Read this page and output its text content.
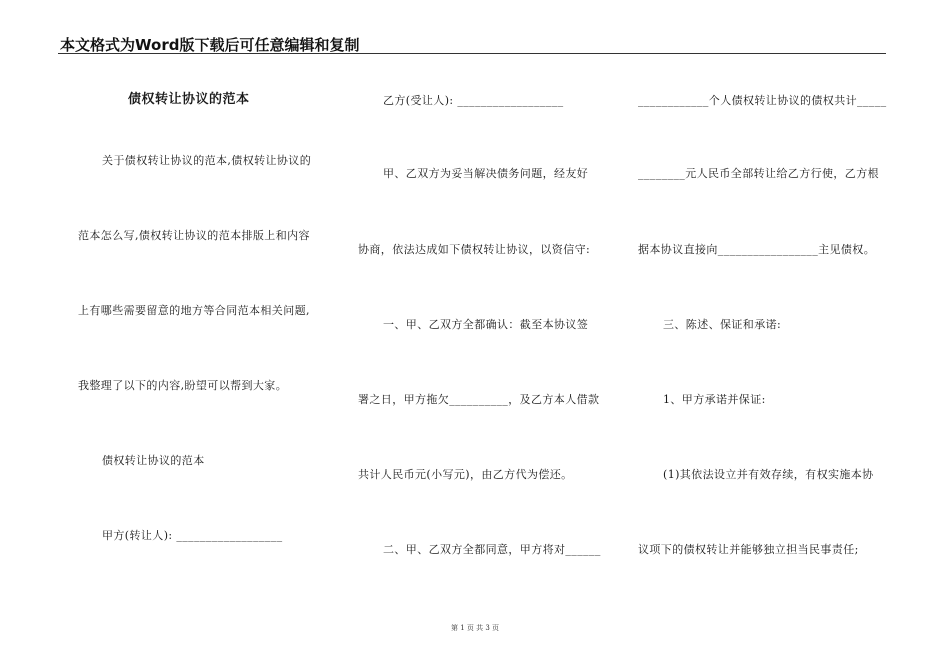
本文格式为Word版下载后可任意编辑和复制
债权转让协议的范本
关于债权转让协议的范本,债权转让协议的
范本怎么写,债权转让协议的范本排版上和内容
上有哪些需要留意的地方等合同范本相关问题,
我整理了以下的内容,盼望可以帮到大家。
债权转让协议的范本
甲方(转让人): __________________
乙方(受让人): __________________
甲、乙双方为妥当解决债务问题，经友好
协商，依法达成如下债权转让协议，以资信守:
一、甲、乙双方全都确认：截至本协议签
署之日，甲方拖欠__________，及乙方本人借款
共计人民币元(小写元)，由乙方代为偿还。
二、甲、乙双方全都同意，甲方将对______
____________个人债权转让协议的债权共计_____
________元人民币全部转让给乙方行使，乙方根
据本协议直接向_________________主见债权。
三、陈述、保证和承诺:
1、甲方承诺并保证:
(1)其依法设立并有效存续，有权实施本协
议项下的债权转让并能够独立担当民事责任;
第 1 页 共 3 页
